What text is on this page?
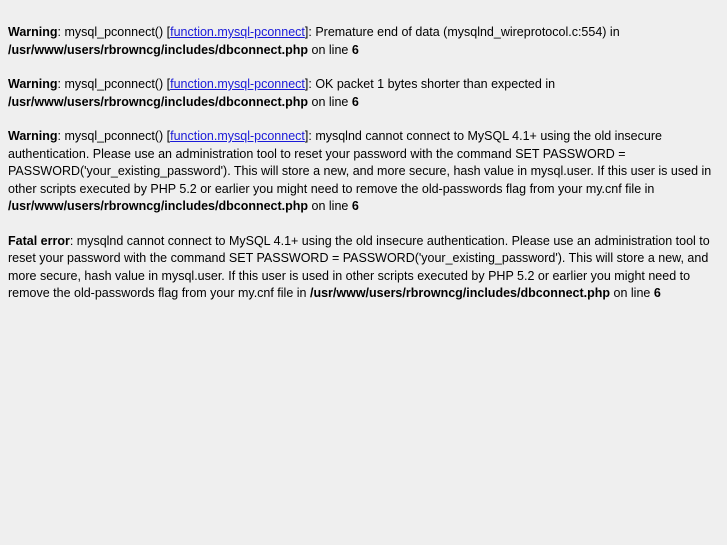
Warning: mysql_pconnect() [function.mysql-pconnect]: Premature end of data (mysqlnd_wireprotocol.c:554) in /usr/www/users/rbrowncg/includes/dbconnect.php on line 6
Warning: mysql_pconnect() [function.mysql-pconnect]: OK packet 1 bytes shorter than expected in
/usr/www/users/rbrowncg/includes/dbconnect.php on line 6
Warning: mysql_pconnect() [function.mysql-pconnect]: mysqlnd cannot connect to MySQL 4.1+ using the old insecure authentication. Please use an administration tool to reset your password with the command SET PASSWORD = PASSWORD('your_existing_password'). This will store a new, and more secure, hash value in mysql.user. If this user is used in other scripts executed by PHP 5.2 or earlier you might need to remove the old-passwords flag from your my.cnf file in /usr/www/users/rbrowncg/includes/dbconnect.php on line 6
Fatal error: mysqlnd cannot connect to MySQL 4.1+ using the old insecure authentication. Please use an administration tool to reset your password with the command SET PASSWORD = PASSWORD('your_existing_password'). This will store a new, and more secure, hash value in mysql.user. If this user is used in other scripts executed by PHP 5.2 or earlier you might need to remove the old-passwords flag from your my.cnf file in /usr/www/users/rbrowncg/includes/dbconnect.php on line 6
